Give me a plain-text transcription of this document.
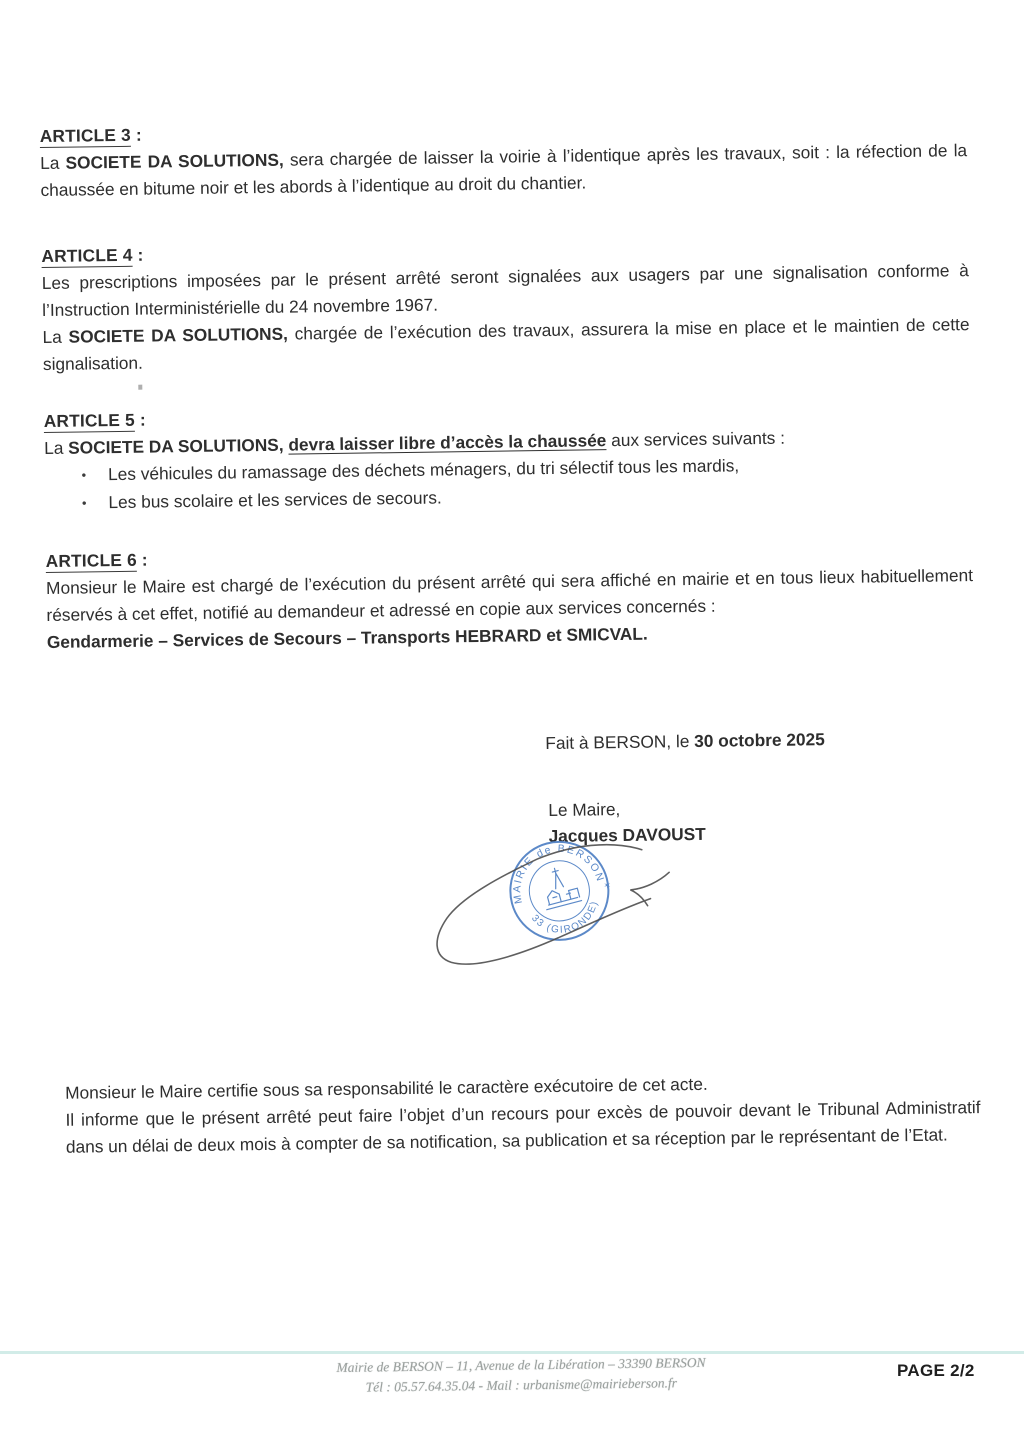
ARTICLE 3 :

La SOCIETE DA SOLUTIONS, sera chargée de laisser la voirie à l’identique après les travaux, soit : la réfection de la chaussée en bitume noir et les abords à l’identique au droit du chantier.

ARTICLE 4 :

Les prescriptions imposées par le présent arrêté seront signalées aux usagers par une signalisation conforme à l’Instruction Interministérielle du 24 novembre 1967.

La SOCIETE DA SOLUTIONS, chargée de l’exécution des travaux, assurera la mise en place et le maintien de cette signalisation.

ARTICLE 5 :

La SOCIETE DA SOLUTIONS, devra laisser libre d’accès la chaussée aux services suivants :

• Les véhicules du ramassage des déchets ménagers, du tri sélectif tous les mardis,
• Les bus scolaire et les services de secours.
ARTICLE 6 :

Monsieur le Maire est chargé de l’exécution du présent arrêté qui sera affiché en mairie et en tous lieux habituellement réservés à cet effet, notifié au demandeur et adressé en copie aux services concernés :

Gendarmerie – Services de Secours – Transports HEBRARD et SMICVAL.

Fait à BERSON, le 30 octobre 2025
Le Maire,
Jacques DAVOUST
MAIRIE de BERSON
33 (GIRONDE)
✶

Monsieur le Maire certifie sous sa responsabilité le caractère exécutoire de cet acte.

Il informe que le présent arrêté peut faire l’objet d’un recours pour excès de pouvoir devant le Tribunal Administratif dans un délai de deux mois à compter de sa notification, sa publication et sa réception par le représentant de l’Etat.

Mairie de BERSON – 11, Avenue de la Libération – 33390 BERSON
Tél : 05.57.64.35.04 - Mail : urbanisme@mairieberson.fr
PAGE 2/2
